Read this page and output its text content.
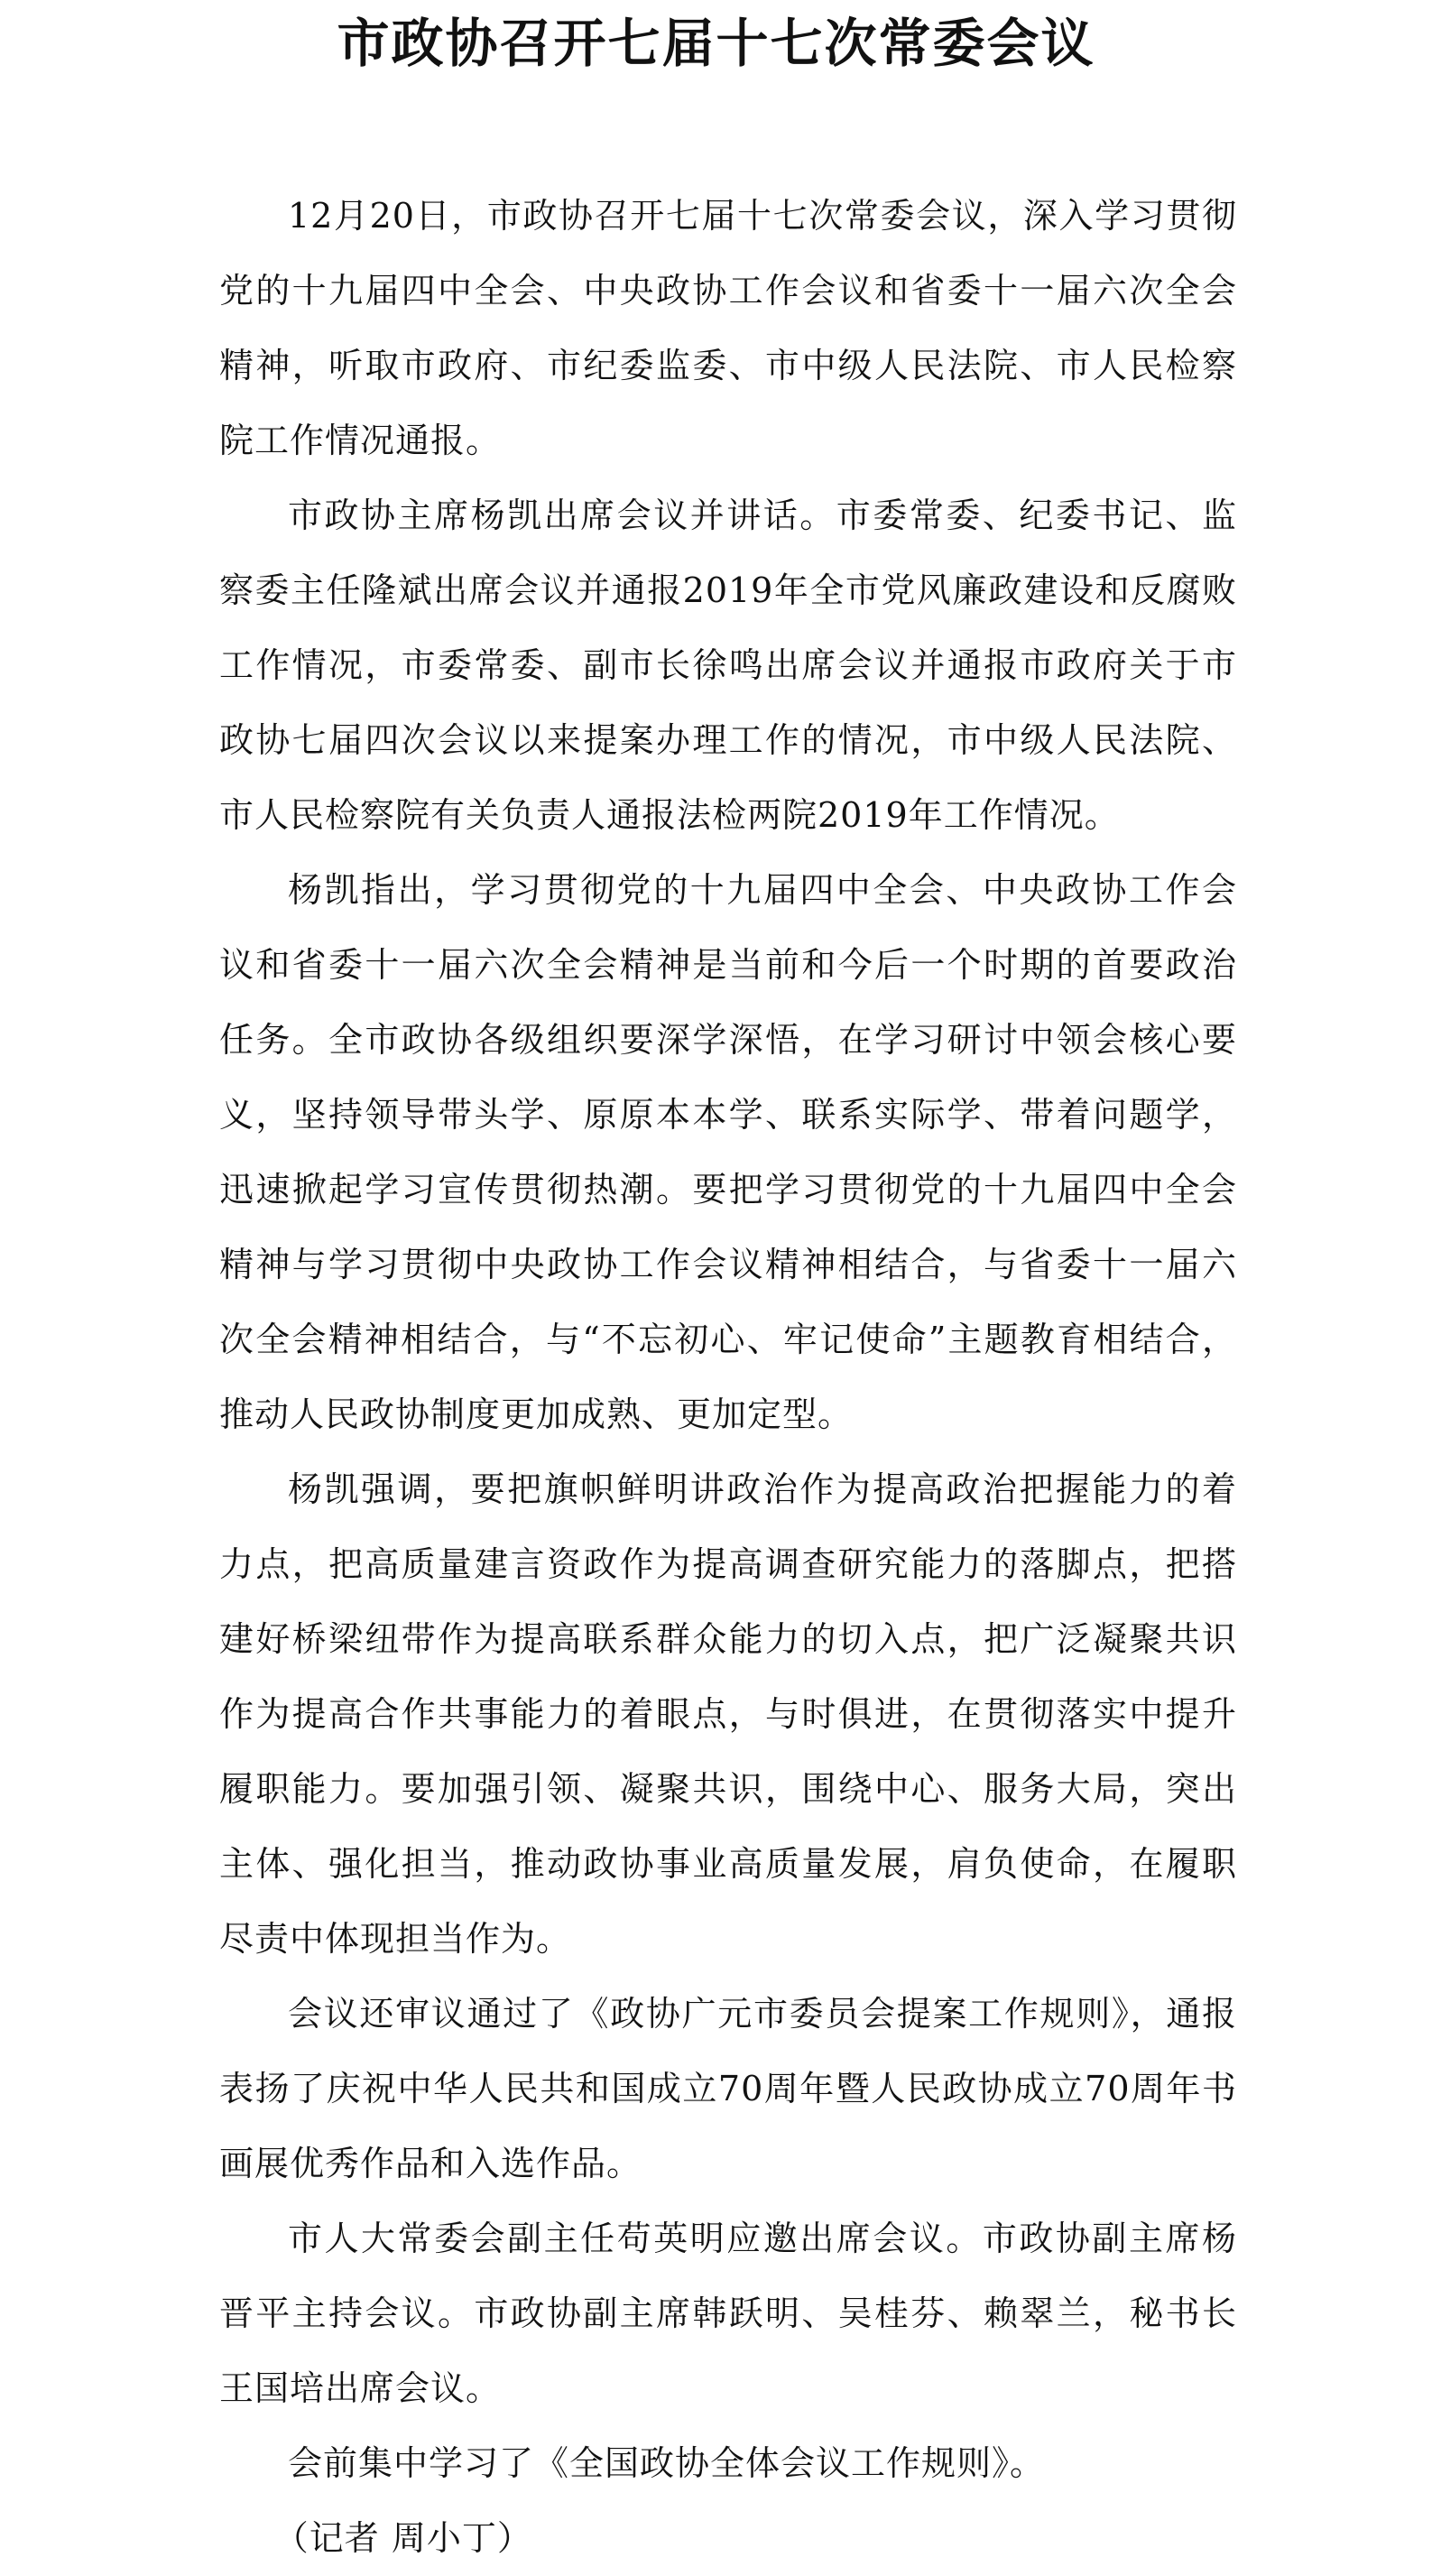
市政协召开七届十七次常委会议

12月20日，市政协召开七届十七次常委会议，深入学习贯彻党的十九届四中全会、中央政协工作会议和省委十一届六次全会精神，听取市政府、市纪委监委、市中级人民法院、市人民检察院工作情况通报。

市政协主席杨凯出席会议并讲话。市委常委、纪委书记、监察委主任隆斌出席会议并通报2019年全市党风廉政建设和反腐败工作情况，市委常委、副市长徐鸣出席会议并通报市政府关于市政协七届四次会议以来提案办理工作的情况，市中级人民法院、市人民检察院有关负责人通报法检两院2019年工作情况。

杨凯指出，学习贯彻党的十九届四中全会、中央政协工作会议和省委十一届六次全会精神是当前和今后一个时期的首要政治任务。全市政协各级组织要深学深悟，在学习研讨中领会核心要义，坚持领导带头学、原原本本学、联系实际学、带着问题学，迅速掀起学习宣传贯彻热潮。要把学习贯彻党的十九届四中全会精神与学习贯彻中央政协工作会议精神相结合，与省委十一届六次全会精神相结合，与“不忘初心、牢记使命”主题教育相结合，推动人民政协制度更加成熟、更加定型。

杨凯强调，要把旗帜鲜明讲政治作为提高政治把握能力的着力点，把高质量建言资政作为提高调查研究能力的落脚点，把搭建好桥梁纽带作为提高联系群众能力的切入点，把广泛凝聚共识作为提高合作共事能力的着眼点，与时俱进，在贯彻落实中提升履职能力。要加强引领、凝聚共识，围绕中心、服务大局，突出主体、强化担当，推动政协事业高质量发展，肩负使命，在履职尽责中体现担当作为。

会议还审议通过了《政协广元市委员会提案工作规则》，通报表扬了庆祝中华人民共和国成立70周年暨人民政协成立70周年书画展优秀作品和入选作品。

市人大常委会副主任苟英明应邀出席会议。市政协副主席杨晋平主持会议。市政协副主席韩跃明、吴桂芬、赖翠兰，秘书长王国培出席会议。

会前集中学习了《全国政协全体会议工作规则》。

（记者 周小丁）
